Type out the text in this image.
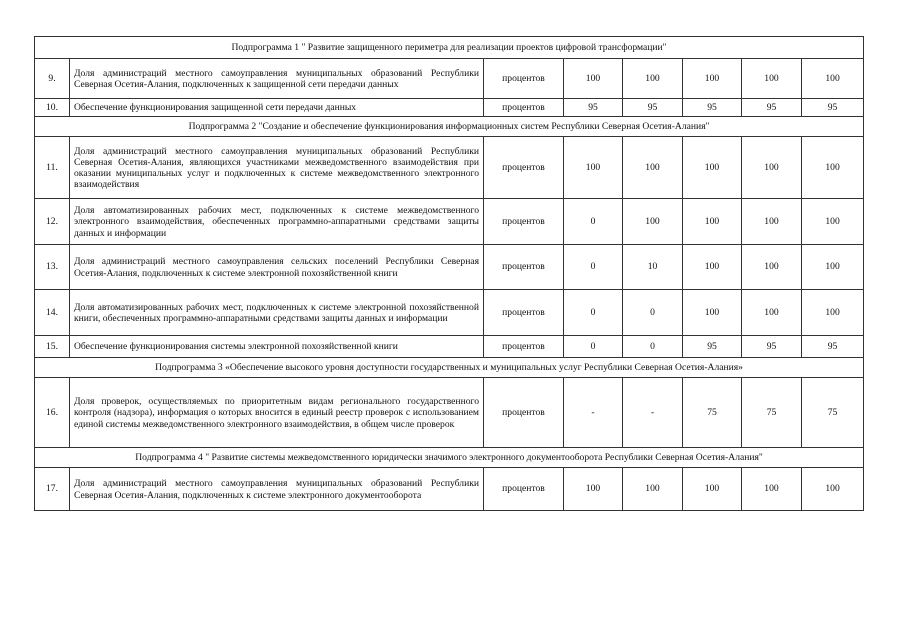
Подпрограмма 1 " Развитие защищенного периметра для реализации проектов цифровой трансформации"							
9.	Доля администраций местного самоуправления муниципальных образований Республики Северная Осетия-Алания, подключенных к защищенной сети передачи данных	процентов	100	100	100	100	100
10.	Обеспечение функционирования защищенной сети передачи данных	процентов	95	95	95	95	95
Подпрограмма 2 "Создание и обеспечение функционирования информационных систем Республики Северная Осетия-Алания"							
11.	Доля администраций местного самоуправления муниципальных образований Республики Северная Осетия-Алания, являющихся участниками межведомственного взаимодействия при оказании муниципальных услуг и подключенных к системе межведомственного электронного взаимодействия	процентов	100	100	100	100	100
12.	Доля автоматизированных рабочих мест, подключенных к системе межведомственного электронного взаимодействия, обеспеченных программно-аппаратными средствами защиты данных и информации	процентов	0	100	100	100	100
13.	Доля администраций местного самоуправления сельских поселений Республики Северная Осетия-Алания, подключенных к системе электронной похозяйственной книги	процентов	0	10	100	100	100
14.	Доля автоматизированных рабочих мест, подключенных к системе электронной похозяйственной книги, обеспеченных программно-аппаратными средствами защиты данных и информации	процентов	0	0	100	100	100
15.	Обеспечение функционирования системы электронной похозяйственной книги	процентов	0	0	95	95	95
Подпрограмма 3 «Обеспечение высокого уровня доступности государственных и муниципальных услуг Республики Северная Осетия-Алания»							
16.	Доля проверок, осуществляемых по приоритетным видам регионального государственного контроля (надзора), информация о которых вносится в единый реестр проверок с использованием единой системы межведомственного электронного взаимодействия, в общем числе проверок	процентов	-	-	75	75	75
Подпрограмма 4 " Развитие системы межведомственного юридически значимого электронного документооборота Республики Северная Осетия-Алания"							
17.	Доля администраций местного самоуправления муниципальных образований Республики Северная Осетия-Алания, подключенных к системе электронного документооборота	процентов	100	100	100	100	100
